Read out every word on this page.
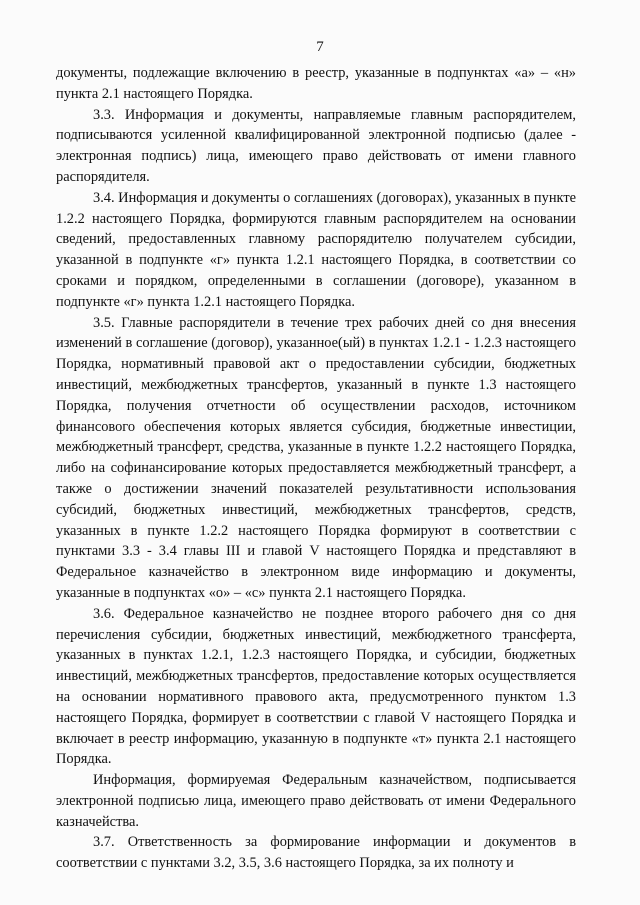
7

документы, подлежащие включению в реестр, указанные в подпунктах «а» – «н» пункта 2.1 настоящего Порядка.

3.3. Информация и документы, направляемые главным распорядителем, подписываются усиленной квалифицированной электронной подписью (далее - электронная подпись) лица, имеющего право действовать от имени главного распорядителя.

3.4. Информация и документы о соглашениях (договорах), указанных в пункте 1.2.2 настоящего Порядка, формируются главным распорядителем на основании сведений, предоставленных главному распорядителю получателем субсидии, указанной в подпункте «г» пункта 1.2.1 настоящего Порядка, в соответствии со сроками и порядком, определенными в соглашении (договоре), указанном в подпункте «г» пункта 1.2.1 настоящего Порядка.

3.5. Главные распорядители в течение трех рабочих дней со дня внесения изменений в соглашение (договор), указанное(ый) в пунктах 1.2.1 - 1.2.3 настоящего Порядка, нормативный правовой акт о предоставлении субсидии, бюджетных инвестиций, межбюджетных трансфертов, указанный в пункте 1.3 настоящего Порядка, получения отчетности об осуществлении расходов, источником финансового обеспечения которых является субсидия, бюджетные инвестиции, межбюджетный трансферт, средства, указанные в пункте 1.2.2 настоящего Порядка, либо на софинансирование которых предоставляется межбюджетный трансферт, а также о достижении значений показателей результативности использования субсидий, бюджетных инвестиций, межбюджетных трансфертов, средств, указанных в пункте 1.2.2 настоящего Порядка формируют в соответствии с пунктами 3.3 - 3.4 главы III и главой V настоящего Порядка и представляют в Федеральное казначейство в электронном виде информацию и документы, указанные в подпунктах «о» – «с» пункта 2.1 настоящего Порядка.

3.6. Федеральное казначейство не позднее второго рабочего дня со дня перечисления субсидии, бюджетных инвестиций, межбюджетного трансферта, указанных в пунктах 1.2.1, 1.2.3 настоящего Порядка, и субсидии, бюджетных инвестиций, межбюджетных трансфертов, предоставление которых осуществляется на основании нормативного правового акта, предусмотренного пунктом 1.3 настоящего Порядка, формирует в соответствии с главой V настоящего Порядка и включает в реестр информацию, указанную в подпункте «т» пункта 2.1 настоящего Порядка.

Информация, формируемая Федеральным казначейством, подписывается электронной подписью лица, имеющего право действовать от имени Федерального казначейства.

3.7. Ответственность за формирование информации и документов в соответствии с пунктами 3.2, 3.5, 3.6 настоящего Порядка, за их полноту и
